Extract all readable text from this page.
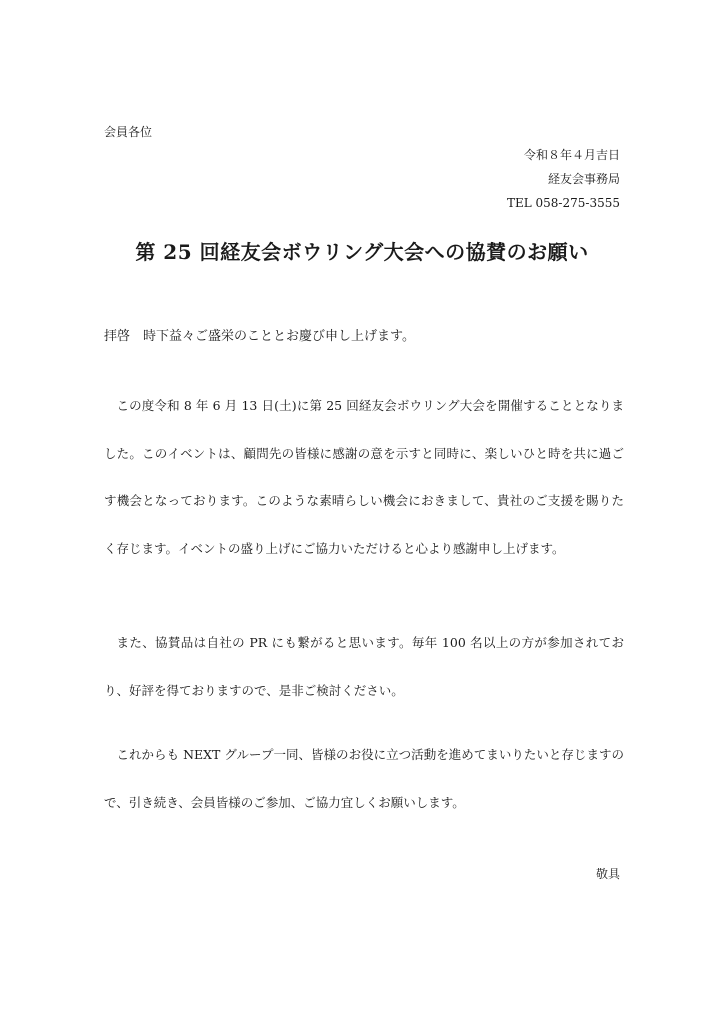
会員各位
令和８年４月吉日
経友会事務局
TEL 058-275-3555
第 25 回経友会ボウリング大会への協賛のお願い
拝啓　時下益々ご盛栄のこととお慶び申し上げます。

この度令和 8 年 6 月 13 日(土)に第 25 回経友会ボウリング大会を開催することとなりました。このイベントは、顧問先の皆様に感謝の意を示すと同時に、楽しいひと時を共に過ごす機会となっております。このような素晴らしい機会におきまして、貴社のご支援を賜りたく存じます。イベントの盛り上げにご協力いただけると心より感謝申し上げます。

また、協賛品は自社の PR にも繋がると思います。毎年 100 名以上の方が参加されており、好評を得ておりますので、是非ご検討ください。

これからも NEXT グループ一同、皆様のお役に立つ活動を進めてまいりたいと存じますので、引き続き、会員皆様のご参加、ご協力宜しくお願いします。

敬具
